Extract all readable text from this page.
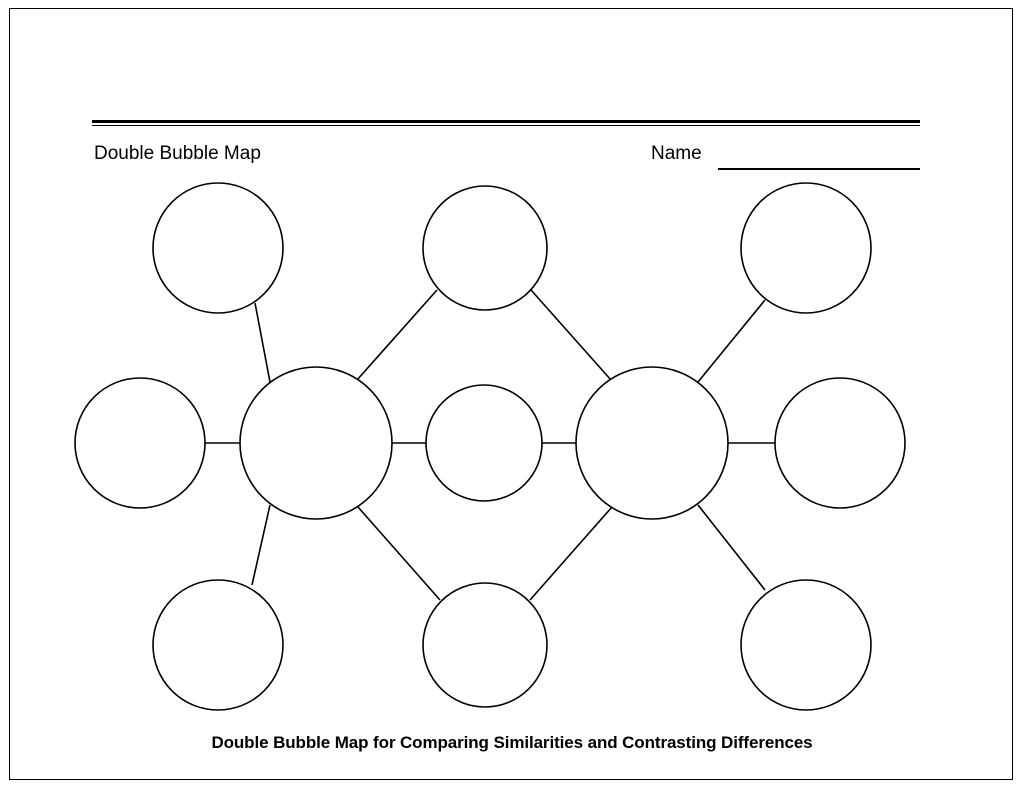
Double Bubble Map	Name
Double Bubble Map for Comparing Similarities and Contrasting Differences
